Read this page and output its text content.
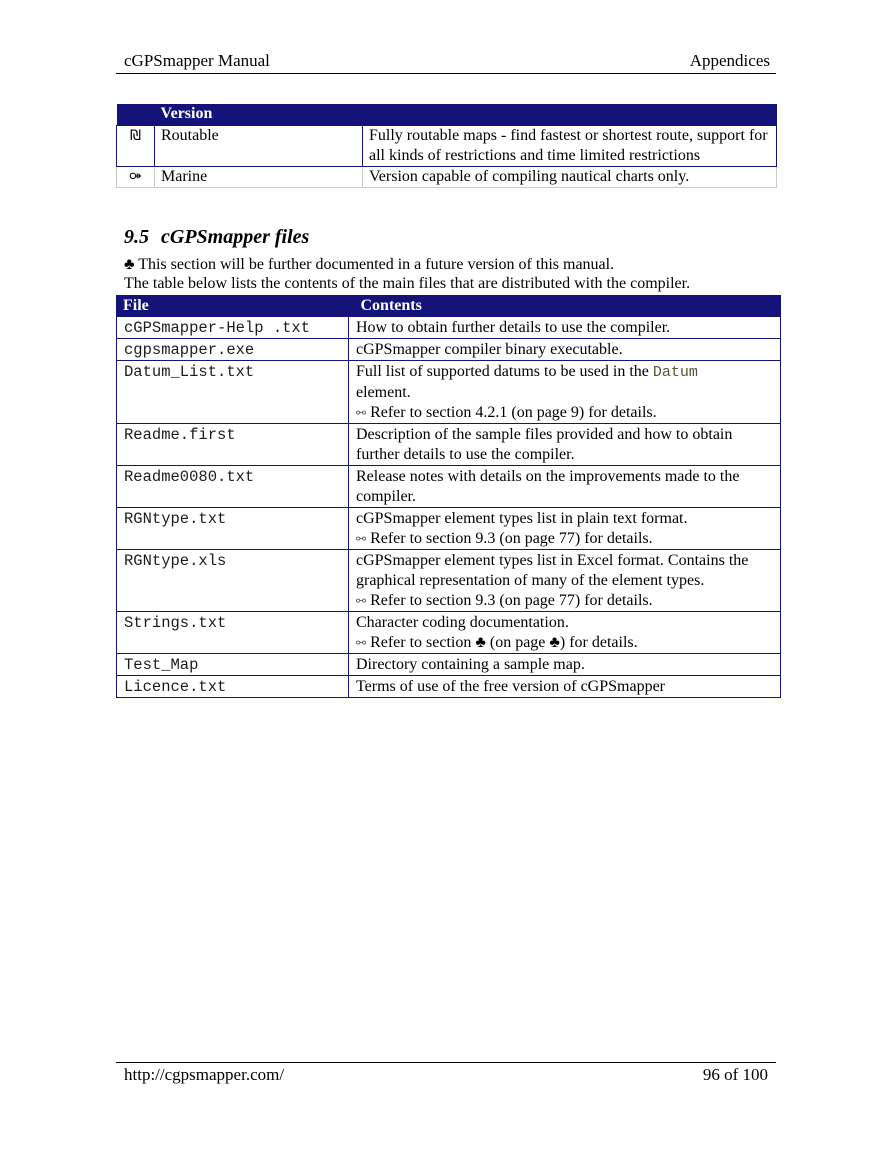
cGPSmapper Manual	Appendices
	Version	
₪	Routable	Fully routable maps - find fastest or shortest route, support for all kinds of restrictions and time limited restrictions
⚩	Marine	Version capable of compiling nautical charts only.
9.5 cGPSmapper files
♣ This section will be further documented in a future version of this manual.
The table below lists the contents of the main files that are distributed with the compiler.
File	Contents
cGPSmapper-Help .txt	How to obtain further details to use the compiler.

cgpsmapper.exe	cGPSmapper compiler binary executable.

Datum_List.txt	Full list of supported datums to be used in the Datum
element.
⚯ Refer to section 4.2.1 (on page 9) for details.

Readme.first	Description of the sample files provided and how to obtain further details to use the compiler.

Readme0080.txt	Release notes with details on the improvements made to the compiler.

RGNtype.txt	cGPSmapper element types list in plain text format.
⚯ Refer to section 9.3 (on page 77) for details.

RGNtype.xls	cGPSmapper element types list in Excel format. Contains the graphical representation of many of the element types.
⚯ Refer to section 9.3 (on page 77) for details.

Strings.txt	Character coding documentation.
⚯ Refer to section ♣ (on page ♣) for details.

Test_Map	Directory containing a sample map.

Licence.txt	Terms of use of the free version of cGPSmapper
http://cgpsmapper.com/	96 of 100
